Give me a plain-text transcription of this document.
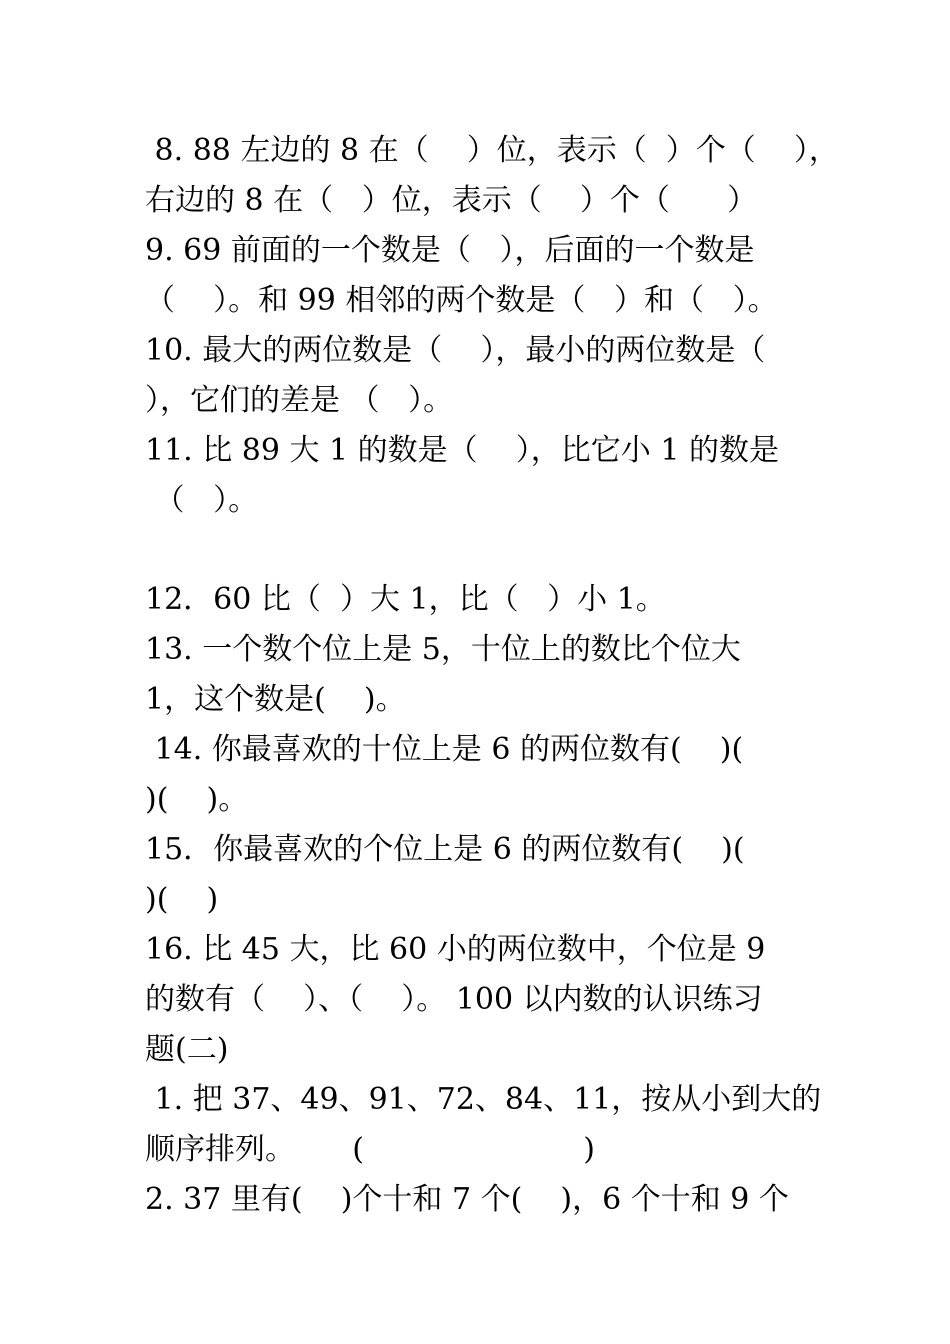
8. 88 左边的 8 在（    ）位，表示（  ）个（    ），
右边的 8 在（   ）位，表示（    ）个（      ）
9. 69 前面的一个数是（   ），后面的一个数是
（    ）。和 99 相邻的两个数是（   ）和（   ）。
10. 最大的两位数是（    ），最小的两位数是（
），它们的差是 （   ）。
11. 比 89 大 1 的数是（    ），比它小 1 的数是
（   ）。
12．60 比（  ）大 1，比（   ）小 1。
13. 一个数个位上是 5，十位上的数比个位大
1，这个数是(    )。
14. 你最喜欢的十位上是 6 的两位数有(    )(
)(    )。
15．你最喜欢的个位上是 6 的两位数有(    )(
)(    )
16. 比 45 大，比 60 小的两位数中，个位是 9
的数有（    ）、（    ）。 100 以内数的认识练习
题(二)
1. 把 37、49、91、72、84、11，按从小到大的
顺序排列。      (                       )
2. 37 里有(    )个十和 7 个(    )，6 个十和 9 个
